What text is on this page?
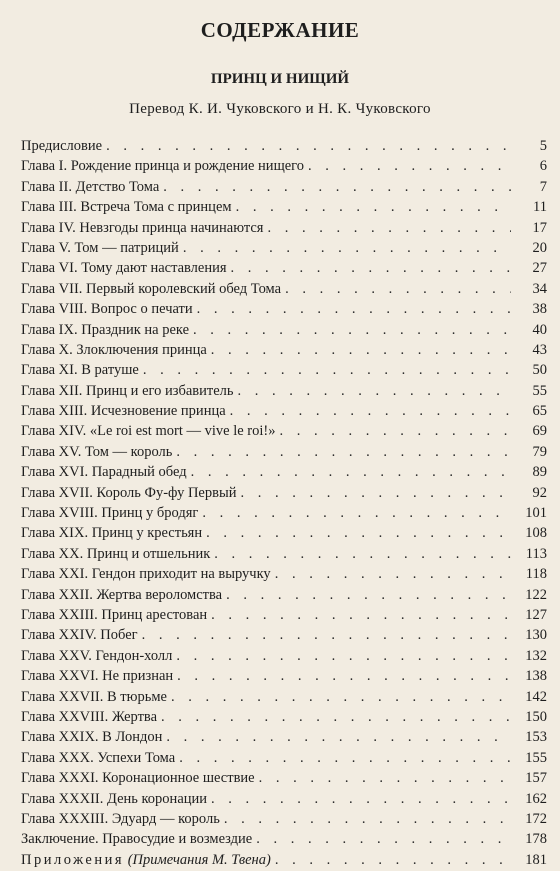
СОДЕРЖАНИЕ
ПРИНЦ И НИЩИЙ
Перевод К. И. Чуковского и Н. К. Чуковского
Предисловие . . .	5
Глава I. Рождение принца и рождение нищего . . .	6
Глава II. Детство Тома . . .	7
Глава III. Встреча Тома с принцем . . .	11
Глава IV. Невзгоды принца начинаются . . .	17
Глава V. Том — патриций . . .	20
Глава VI. Тому дают наставления . . .	27
Глава VII. Первый королевский обед Тома . . .	34
Глава VIII. Вопрос о печати . . .	38
Глава IX. Праздник на реке . . .	40
Глава X. Злоключения принца . . .	43
Глава XI. В ратуше . . .	50
Глава XII. Принц и его избавитель . . .	55
Глава XIII. Исчезновение принца . . .	65
Глава XIV. «Le roi est mort — vive le roi!» . . .	69
Глава XV. Том — король . . .	79
Глава XVI. Парадный обед . . .	89
Глава XVII. Король Фу-фу Первый . . .	92
Глава XVIII. Принц у бродяг . . .	101
Глава XIX. Принц у крестьян . . .	108
Глава XX. Принц и отшельник . . .	113
Глава XXI. Гендон приходит на выручку . . .	118
Глава XXII. Жертва вероломства . . .	122
Глава XXIII. Принц арестован . . .	127
Глава XXIV. Побег . . .	130
Глава XXV. Гендон-холл . . .	132
Глава XXVI. Не признан . . .	138
Глава XXVII. В тюрьме . . .	142
Глава XXVIII. Жертва . . .	150
Глава XXIX. В Лондон . . .	153
Глава XXX. Успехи Тома . . .	155
Глава XXXI. Коронационное шествие . . .	157
Глава XXXII. День коронации . . .	162
Глава XXXIII. Эдуард — король . . .	172
Заключение. Правосудие и возмездие . . .	178
Приложения (Примечания М. Твена) . . .	181
